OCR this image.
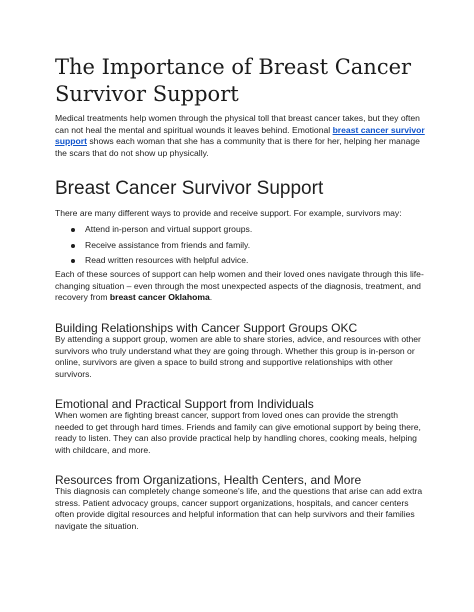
The Importance of Breast Cancer Survivor Support

Medical treatments help women through the physical toll that breast cancer takes, but they often can not heal the mental and spiritual wounds it leaves behind. Emotional breast cancer survivor support shows each woman that she has a community that is there for her, helping her manage the scars that do not show up physically.

Breast Cancer Survivor Support

There are many different ways to provide and receive support. For example, survivors may:

Attend in-person and virtual support groups.
Receive assistance from friends and family.
Read written resources with helpful advice.

Each of these sources of support can help women and their loved ones navigate through this life-changing situation – even through the most unexpected aspects of the diagnosis, treatment, and recovery from breast cancer Oklahoma.

Building Relationships with Cancer Support Groups OKC

By attending a support group, women are able to share stories, advice, and resources with other survivors who truly understand what they are going through. Whether this group is in-person or online, survivors are given a space to build strong and supportive relationships with other survivors.

Emotional and Practical Support from Individuals

When women are fighting breast cancer, support from loved ones can provide the strength needed to get through hard times. Friends and family can give emotional support by being there, ready to listen. They can also provide practical help by handling chores, cooking meals, helping with childcare, and more.

Resources from Organizations, Health Centers, and More

This diagnosis can completely change someone's life, and the questions that arise can add extra stress. Patient advocacy groups, cancer support organizations, hospitals, and cancer centers often provide digital resources and helpful information that can help survivors and their families navigate the situation.
